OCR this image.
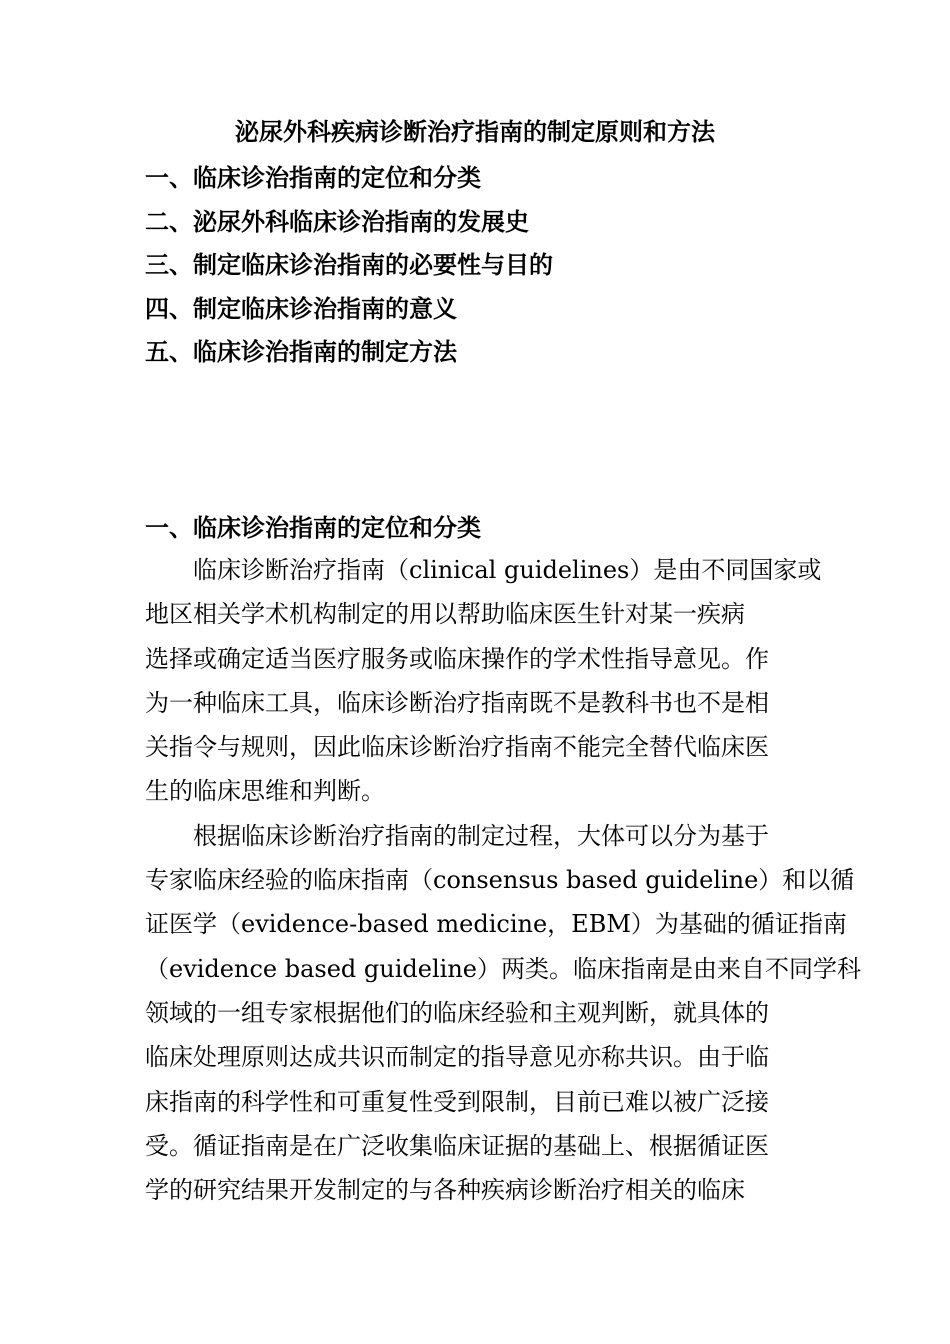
泌尿外科疾病诊断治疗指南的制定原则和方法
一、临床诊治指南的定位和分类
二、泌尿外科临床诊治指南的发展史
三、制定临床诊治指南的必要性与目的
四、制定临床诊治指南的意义
五、临床诊治指南的制定方法
一、临床诊治指南的定位和分类
临床诊断治疗指南（clinical guidelines）是由不同国家或
地区相关学术机构制定的用以帮助临床医生针对某一疾病
选择或确定适当医疗服务或临床操作的学术性指导意见。作
为一种临床工具，临床诊断治疗指南既不是教科书也不是相
关指令与规则，因此临床诊断治疗指南不能完全替代临床医
生的临床思维和判断。
根据临床诊断治疗指南的制定过程，大体可以分为基于
专家临床经验的临床指南（consensus based guideline）和以循
证医学（evidence-based medicine，EBM）为基础的循证指南
（evidence based guideline）两类。临床指南是由来自不同学科
领域的一组专家根据他们的临床经验和主观判断，就具体的
临床处理原则达成共识而制定的指导意见亦称共识。由于临
床指南的科学性和可重复性受到限制，目前已难以被广泛接
受。循证指南是在广泛收集临床证据的基础上、根据循证医
学的研究结果开发制定的与各种疾病诊断治疗相关的临床
